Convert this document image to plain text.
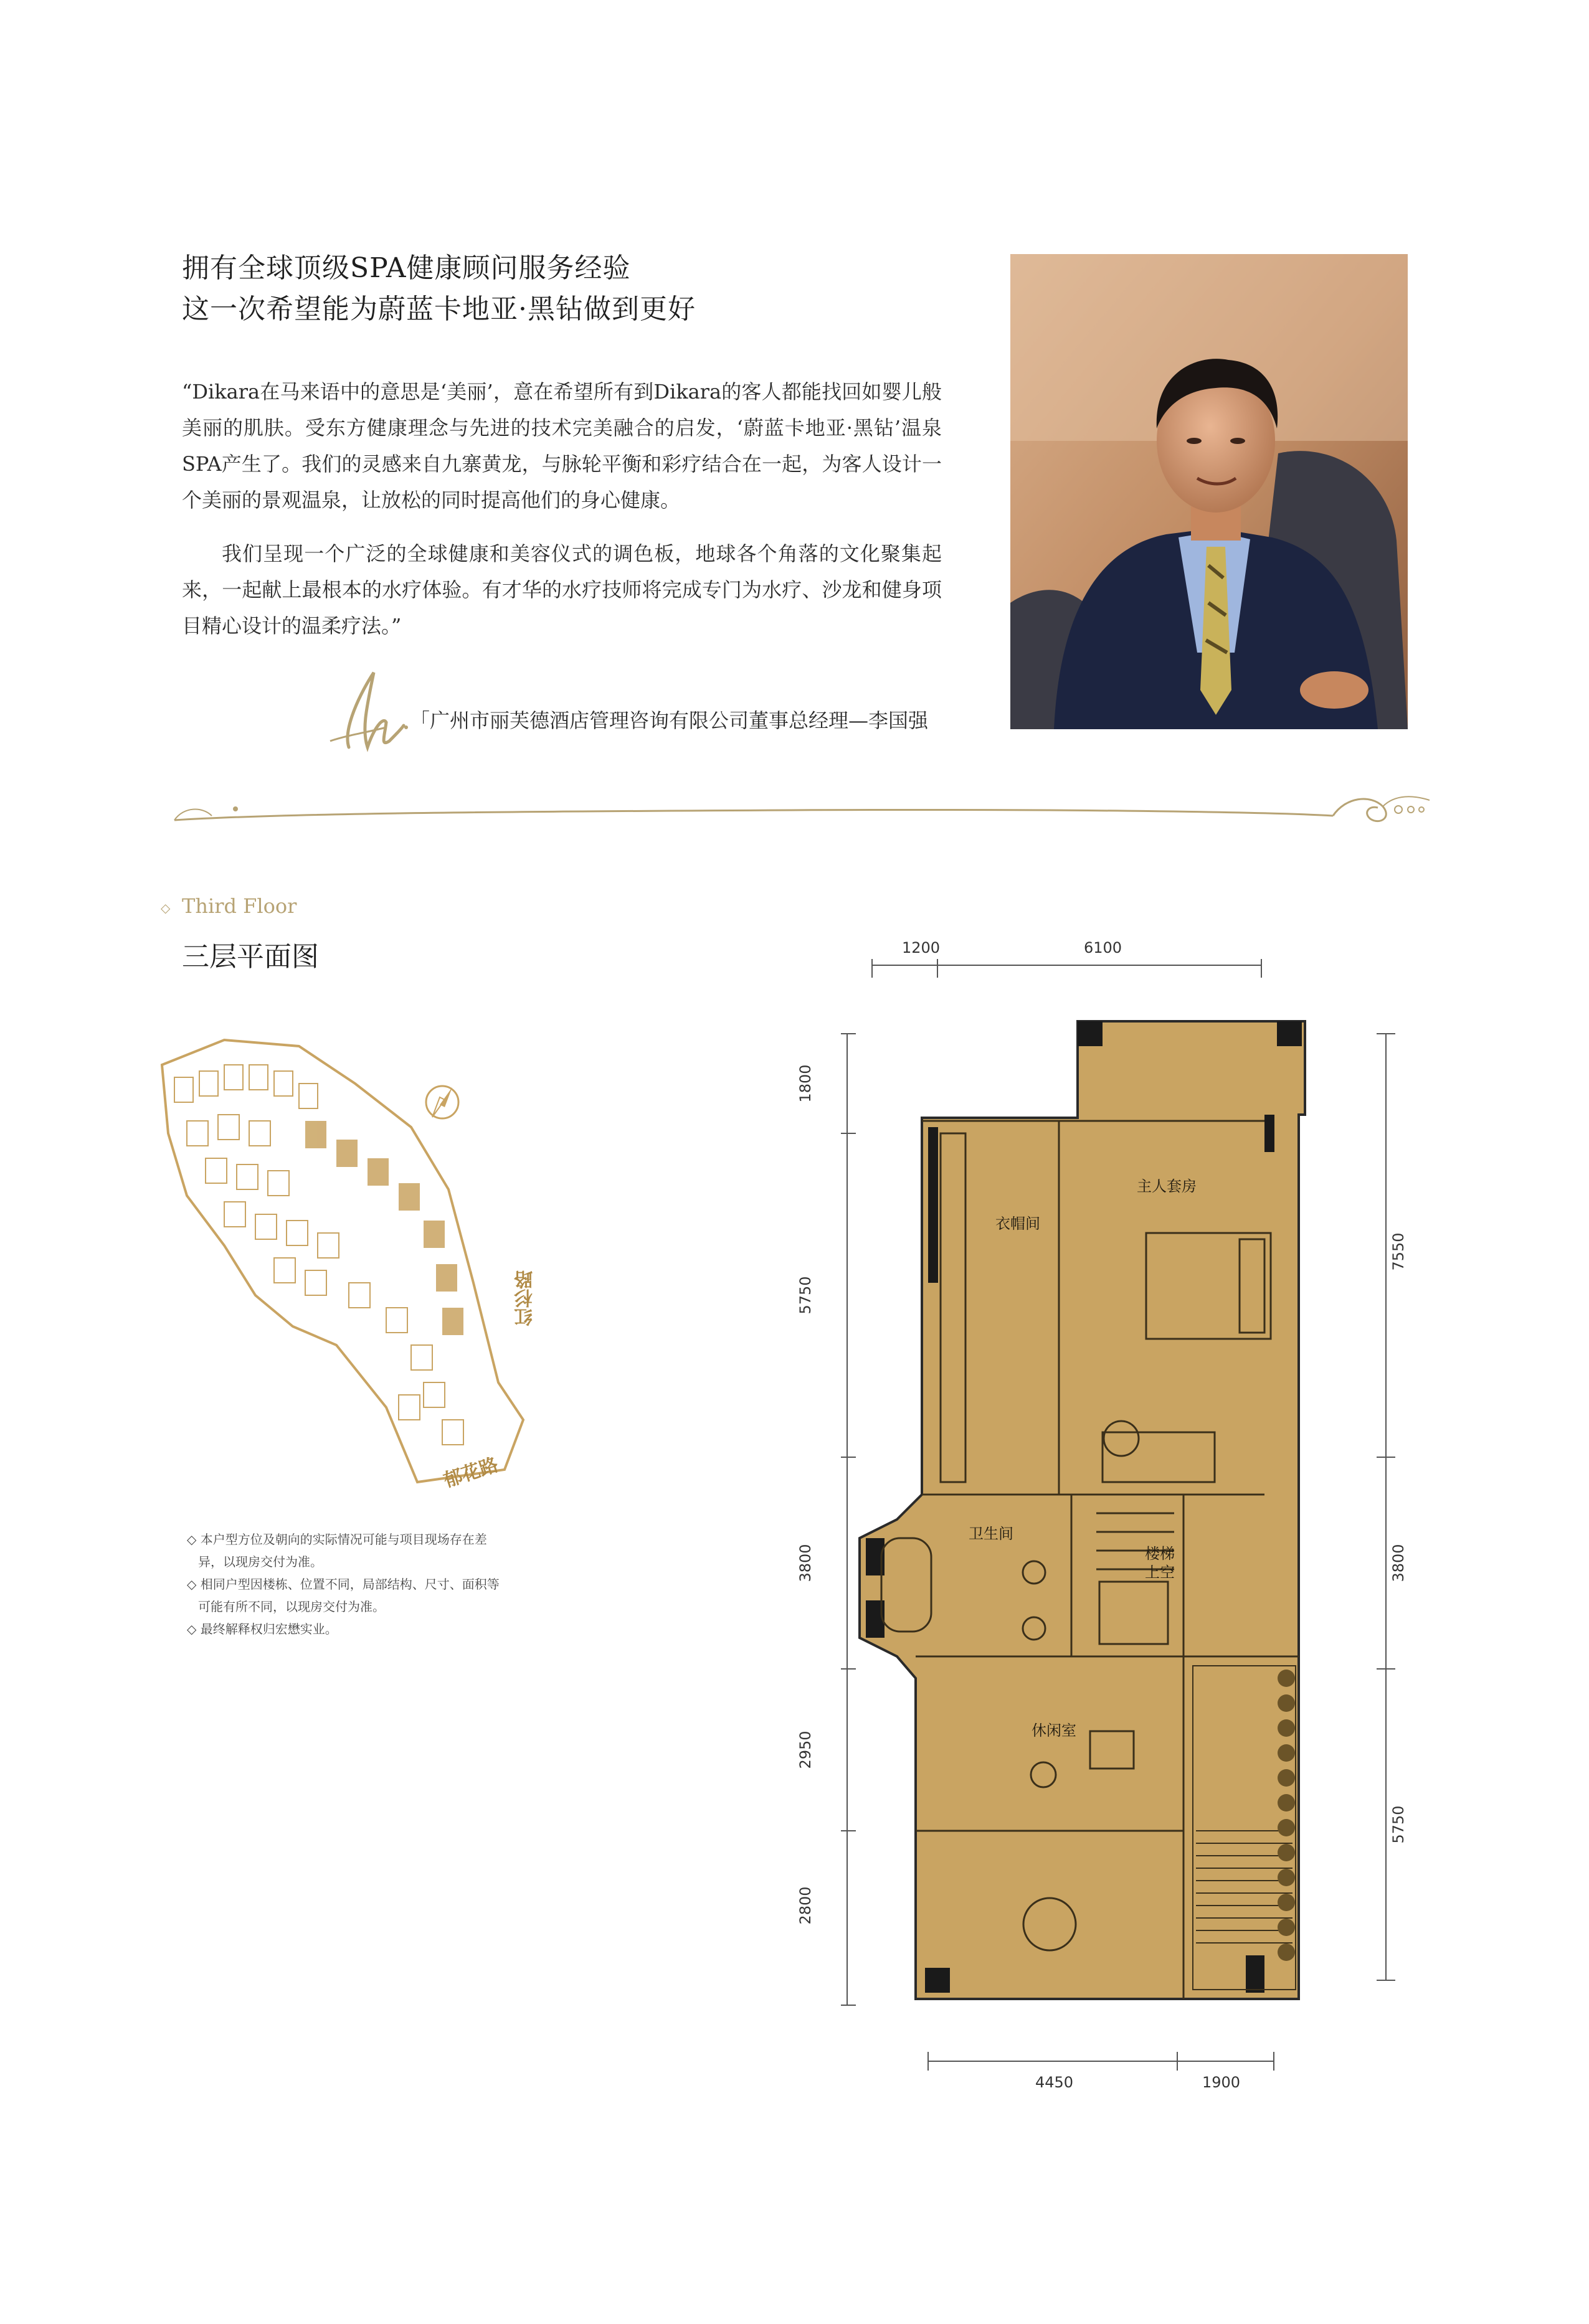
拥有全球顶级SPA健康顾问服务经验
这一次希望能为蔚蓝卡地亚·黑钻做到更好
“Dikara在马来语中的意思是‘美丽’，意在希望所有到Dikara的客人都能找回如婴儿般美丽的肌肤。受东方健康理念与先进的技术完美融合的启发，‘蔚蓝卡地亚·黑钻’温泉SPA产生了。我们的灵感来自九寨黄龙，与脉轮平衡和彩疗结合在一起，为客人设计一个美丽的景观温泉，让放松的同时提高他们的身心健康。
我们呈现一个广泛的全球健康和美容仪式的调色板，地球各个角落的文化聚集起来，一起献上最根本的水疗体验。有才华的水疗技师将完成专门为水疗、沙龙和健身项目精心设计的温柔疗法。”
「广州市丽芙德酒店管理咨询有限公司董事总经理—李国强
◇ Third Floor
三层平面图
红杉路
郁花路
◇ 本户型方位及朝向的实际情况可能与项目现场存在差异，以现房交付为准。
◇ 相同户型因楼栋、位置不同，局部结构、尺寸、面积等可能有所不同，以现房交付为准。
◇ 最终解释权归宏懋实业。
1200	6100
4450	1900
1800
5750
3800
2950
2800
7550
3800
5750
主人套房
衣帽间
卫生间
楼梯
上空
休闲室
